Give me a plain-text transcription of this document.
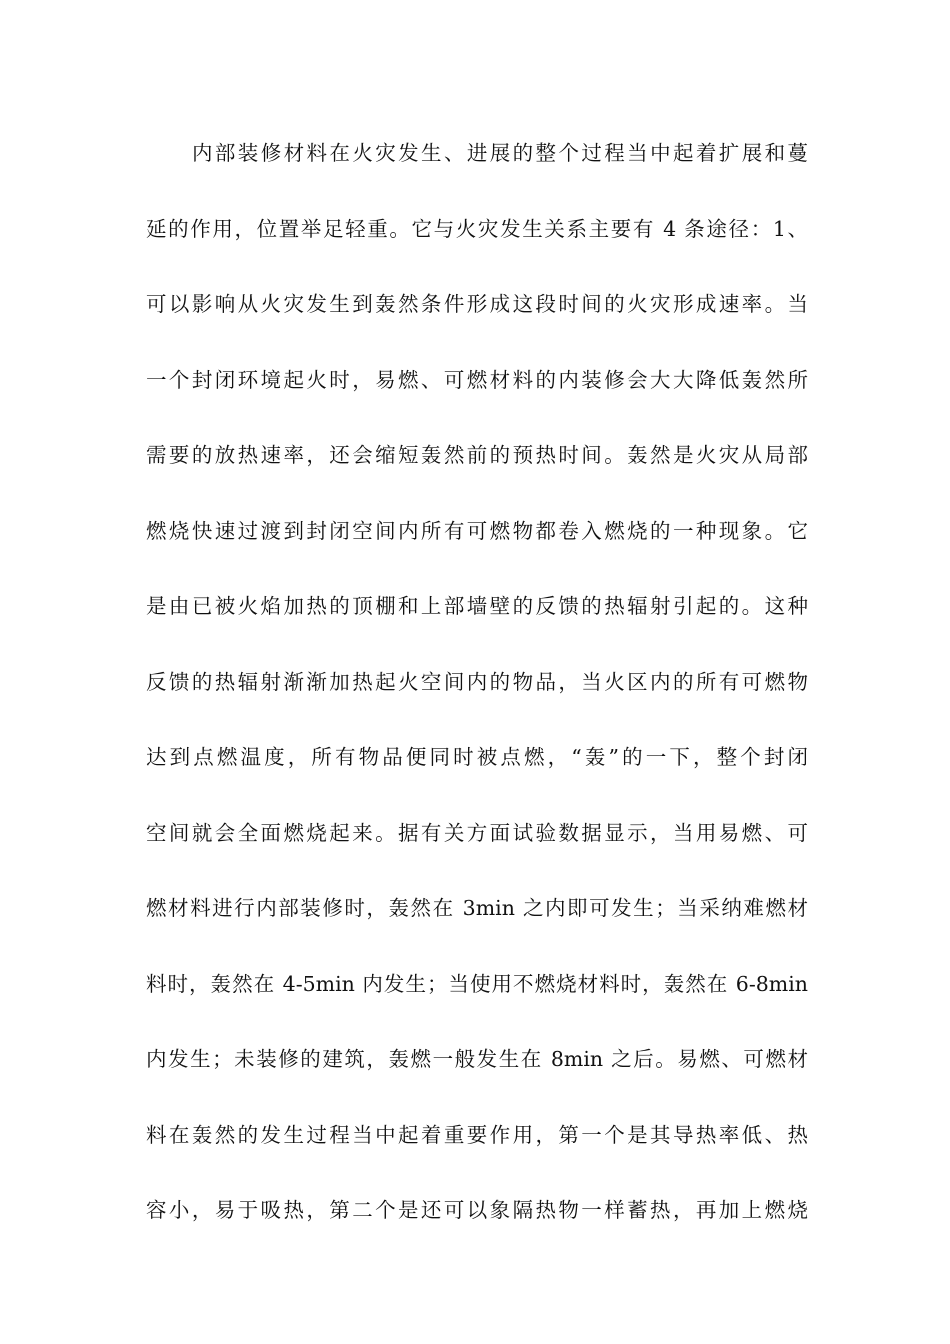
内部装修材料在火灾发生、进展的整个过程当中起着扩展和蔓
延的作用，位置举足轻重。它与火灾发生关系主要有 4 条途径：1、
可以影响从火灾发生到轰然条件形成这段时间的火灾形成速率。当
一个封闭环境起火时，易燃、可燃材料的内装修会大大降低轰然所
需要的放热速率，还会缩短轰然前的预热时间。轰然是火灾从局部
燃烧快速过渡到封闭空间内所有可燃物都卷入燃烧的一种现象。它
是由已被火焰加热的顶棚和上部墙壁的反馈的热辐射引起的。这种
反馈的热辐射渐渐加热起火空间内的物品，当火区内的所有可燃物
达到点燃温度，所有物品便同时被点燃，“轰”的一下，整个封闭
空间就会全面燃烧起来。据有关方面试验数据显示，当用易燃、可
燃材料进行内部装修时，轰然在 3min 之内即可发生；当采纳难燃材
料时，轰然在 4-5min 内发生；当使用不燃烧材料时，轰然在 6-8min
内发生；未装修的建筑，轰燃一般发生在 8min 之后。易燃、可燃材
料在轰然的发生过程当中起着重要作用，第一个是其导热率低、热
容小，易于吸热，第二个是还可以象隔热物一样蓄热，再加上燃烧
